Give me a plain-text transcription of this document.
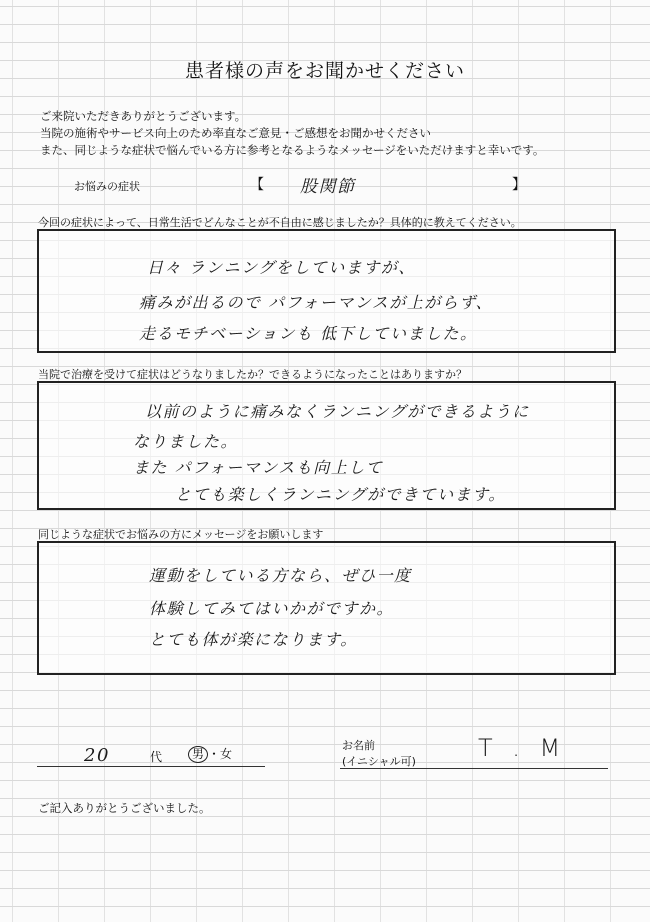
患者様の声をお聞かせください
ご来院いただきありがとうございます。
当院の施術やサービス向上のため率直なご意見・ご感想をお聞かせください
また、同じような症状で悩んでいる方に参考となるようなメッセージをいただけますと幸いです。
お悩みの症状	【 股関節	】
今回の症状によって、日常生活でどんなことが不自由に感じましたか？具体的に教えてください。
日々 ランニングをしていますが、
痛みが出るので パフォーマンスが上がらず、
走るモチベーションも 低下していました。
当院で治療を受けて症状はどうなりましたか？できるようになったことはありますか？
以前のように痛みなくランニングができるように
なりました。
また パフォーマンスも向上して
とても楽しくランニングができています。
同じような症状でお悩みの方にメッセージをお願いします
運動をしている方なら、ぜひ一度
体験してみてはいかがですか。
とても体が楽になります。
20	代	男 ・女
お名前
(イニシャル可)	T . M
ご記入ありがとうございました。
